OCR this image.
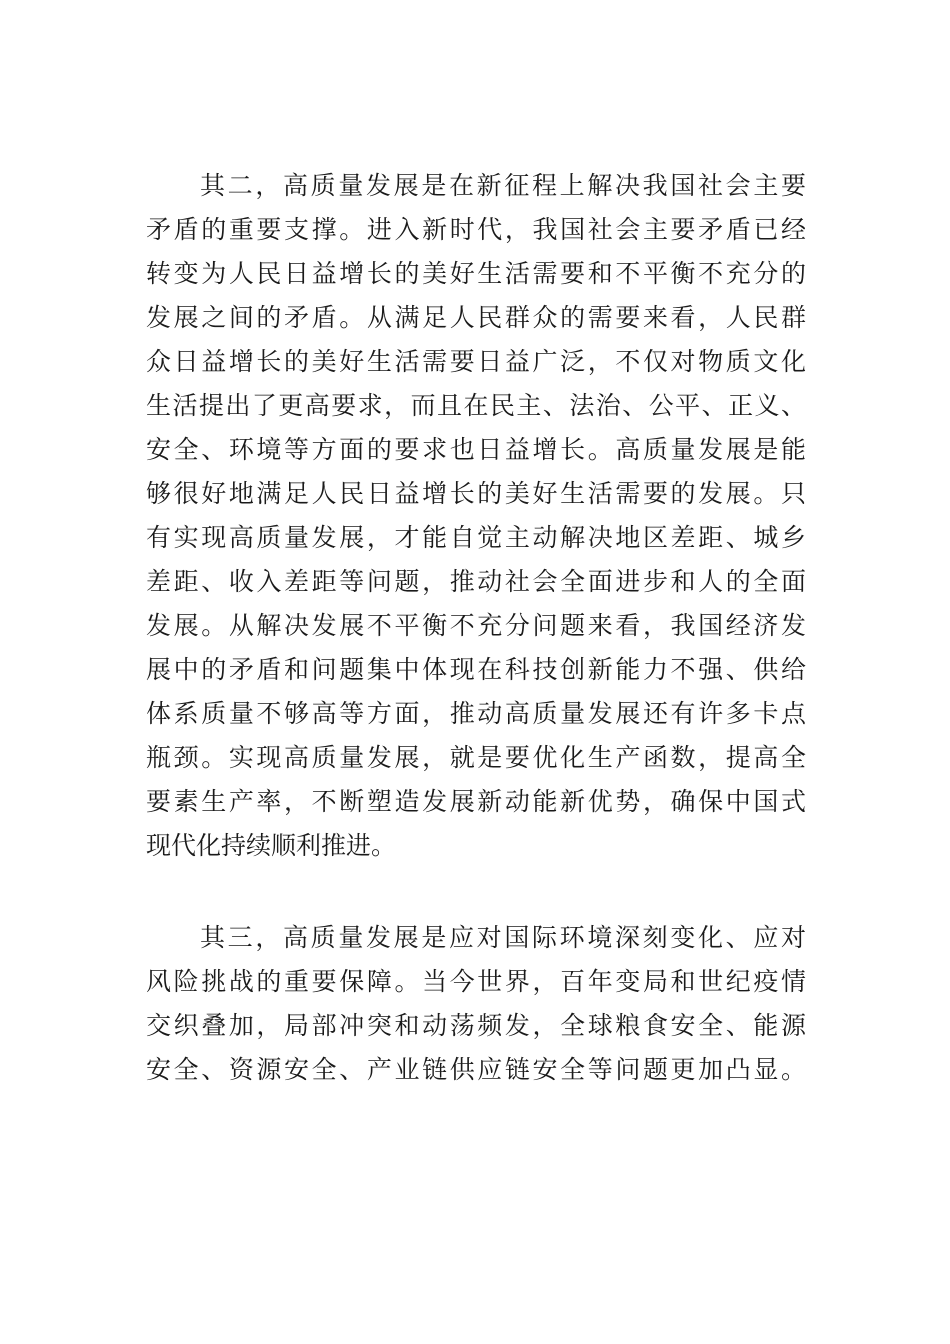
其二，高质量发展是在新征程上解决我国社会主要
矛盾的重要支撑。进入新时代，我国社会主要矛盾已经
转变为人民日益增长的美好生活需要和不平衡不充分的
发展之间的矛盾。从满足人民群众的需要来看，人民群
众日益增长的美好生活需要日益广泛，不仅对物质文化
生活提出了更高要求，而且在民主、法治、公平、正义、
安全、环境等方面的要求也日益增长。高质量发展是能
够很好地满足人民日益增长的美好生活需要的发展。只
有实现高质量发展，才能自觉主动解决地区差距、城乡
差距、收入差距等问题，推动社会全面进步和人的全面
发展。从解决发展不平衡不充分问题来看，我国经济发
展中的矛盾和问题集中体现在科技创新能力不强、供给
体系质量不够高等方面，推动高质量发展还有许多卡点
瓶颈。实现高质量发展，就是要优化生产函数，提高全
要素生产率，不断塑造发展新动能新优势，确保中国式
现代化持续顺利推进。
其三，高质量发展是应对国际环境深刻变化、应对
风险挑战的重要保障。当今世界，百年变局和世纪疫情
交织叠加，局部冲突和动荡频发，全球粮食安全、能源
安全、资源安全、产业链供应链安全等问题更加凸显。
